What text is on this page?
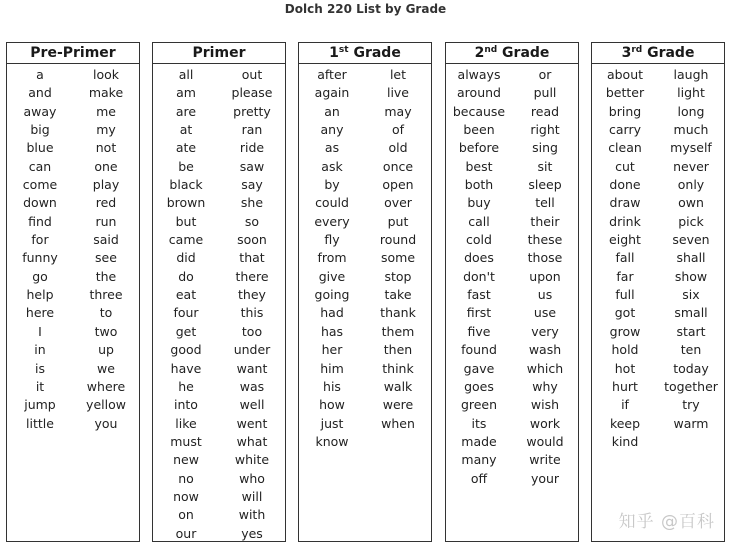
Dolch 220 List by Grade
Pre-Primer
a
and
away
big
blue
can
come
down
find
for
funny
go
help
here
I
in
is
it
jump
little
look
make
me
my
not
one
play
red
run
said
see
the
three
to
two
up
we
where
yellow
you
Primer
all
am
are
at
ate
be
black
brown
but
came
did
do
eat
four
get
good
have
he
into
like
must
new
no
now
on
our
out
please
pretty
ran
ride
saw
say
she
so
soon
that
there
they
this
too
under
want
was
well
went
what
white
who
will
with
yes
1st Grade
after
again
an
any
as
ask
by
could
every
fly
from
give
going
had
has
her
him
his
how
just
know
let
live
may
of
old
once
open
over
put
round
some
stop
take
thank
them
then
think
walk
were
when
2nd Grade
always
around
because
been
before
best
both
buy
call
cold
does
don't
fast
first
five
found
gave
goes
green
its
made
many
off
or
pull
read
right
sing
sit
sleep
tell
their
these
those
upon
us
use
very
wash
which
why
wish
work
would
write
your
3rd Grade
about
better
bring
carry
clean
cut
done
draw
drink
eight
fall
far
full
got
grow
hold
hot
hurt
if
keep
kind
laugh
light
long
much
myself
never
only
own
pick
seven
shall
show
six
small
start
ten
today
together
try
warm
知乎 @百科
